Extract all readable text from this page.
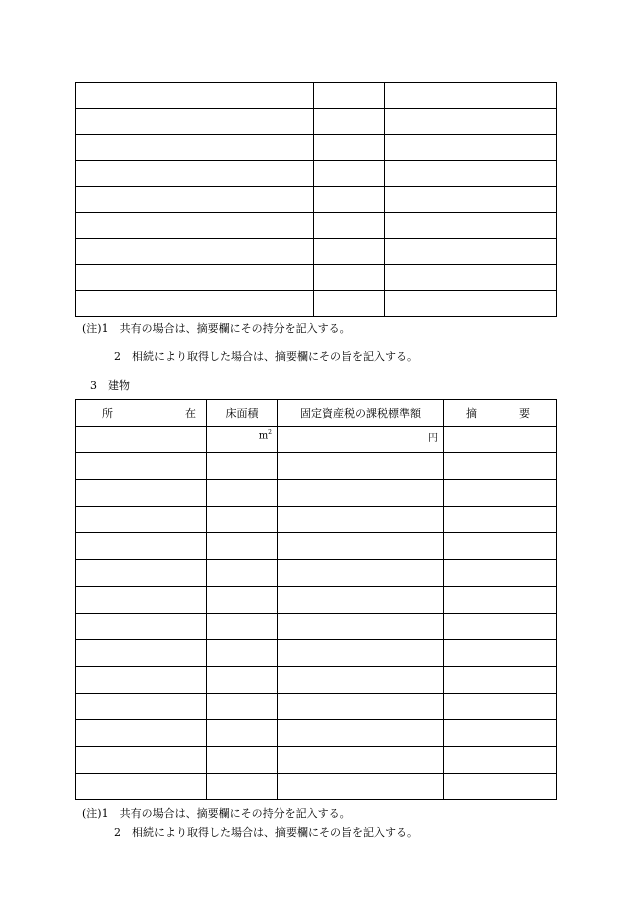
(注)1　共有の場合は、摘要欄にその持分を記入する。
2　相続により取得した場合は、摘要欄にその旨を記入する。
3　建物
所 在	床面積	固定資産税の課税標準額	摘 要

	$m^2$	円	

(注)1　共有の場合は、摘要欄にその持分を記入する。
2　相続により取得した場合は、摘要欄にその旨を記入する。
